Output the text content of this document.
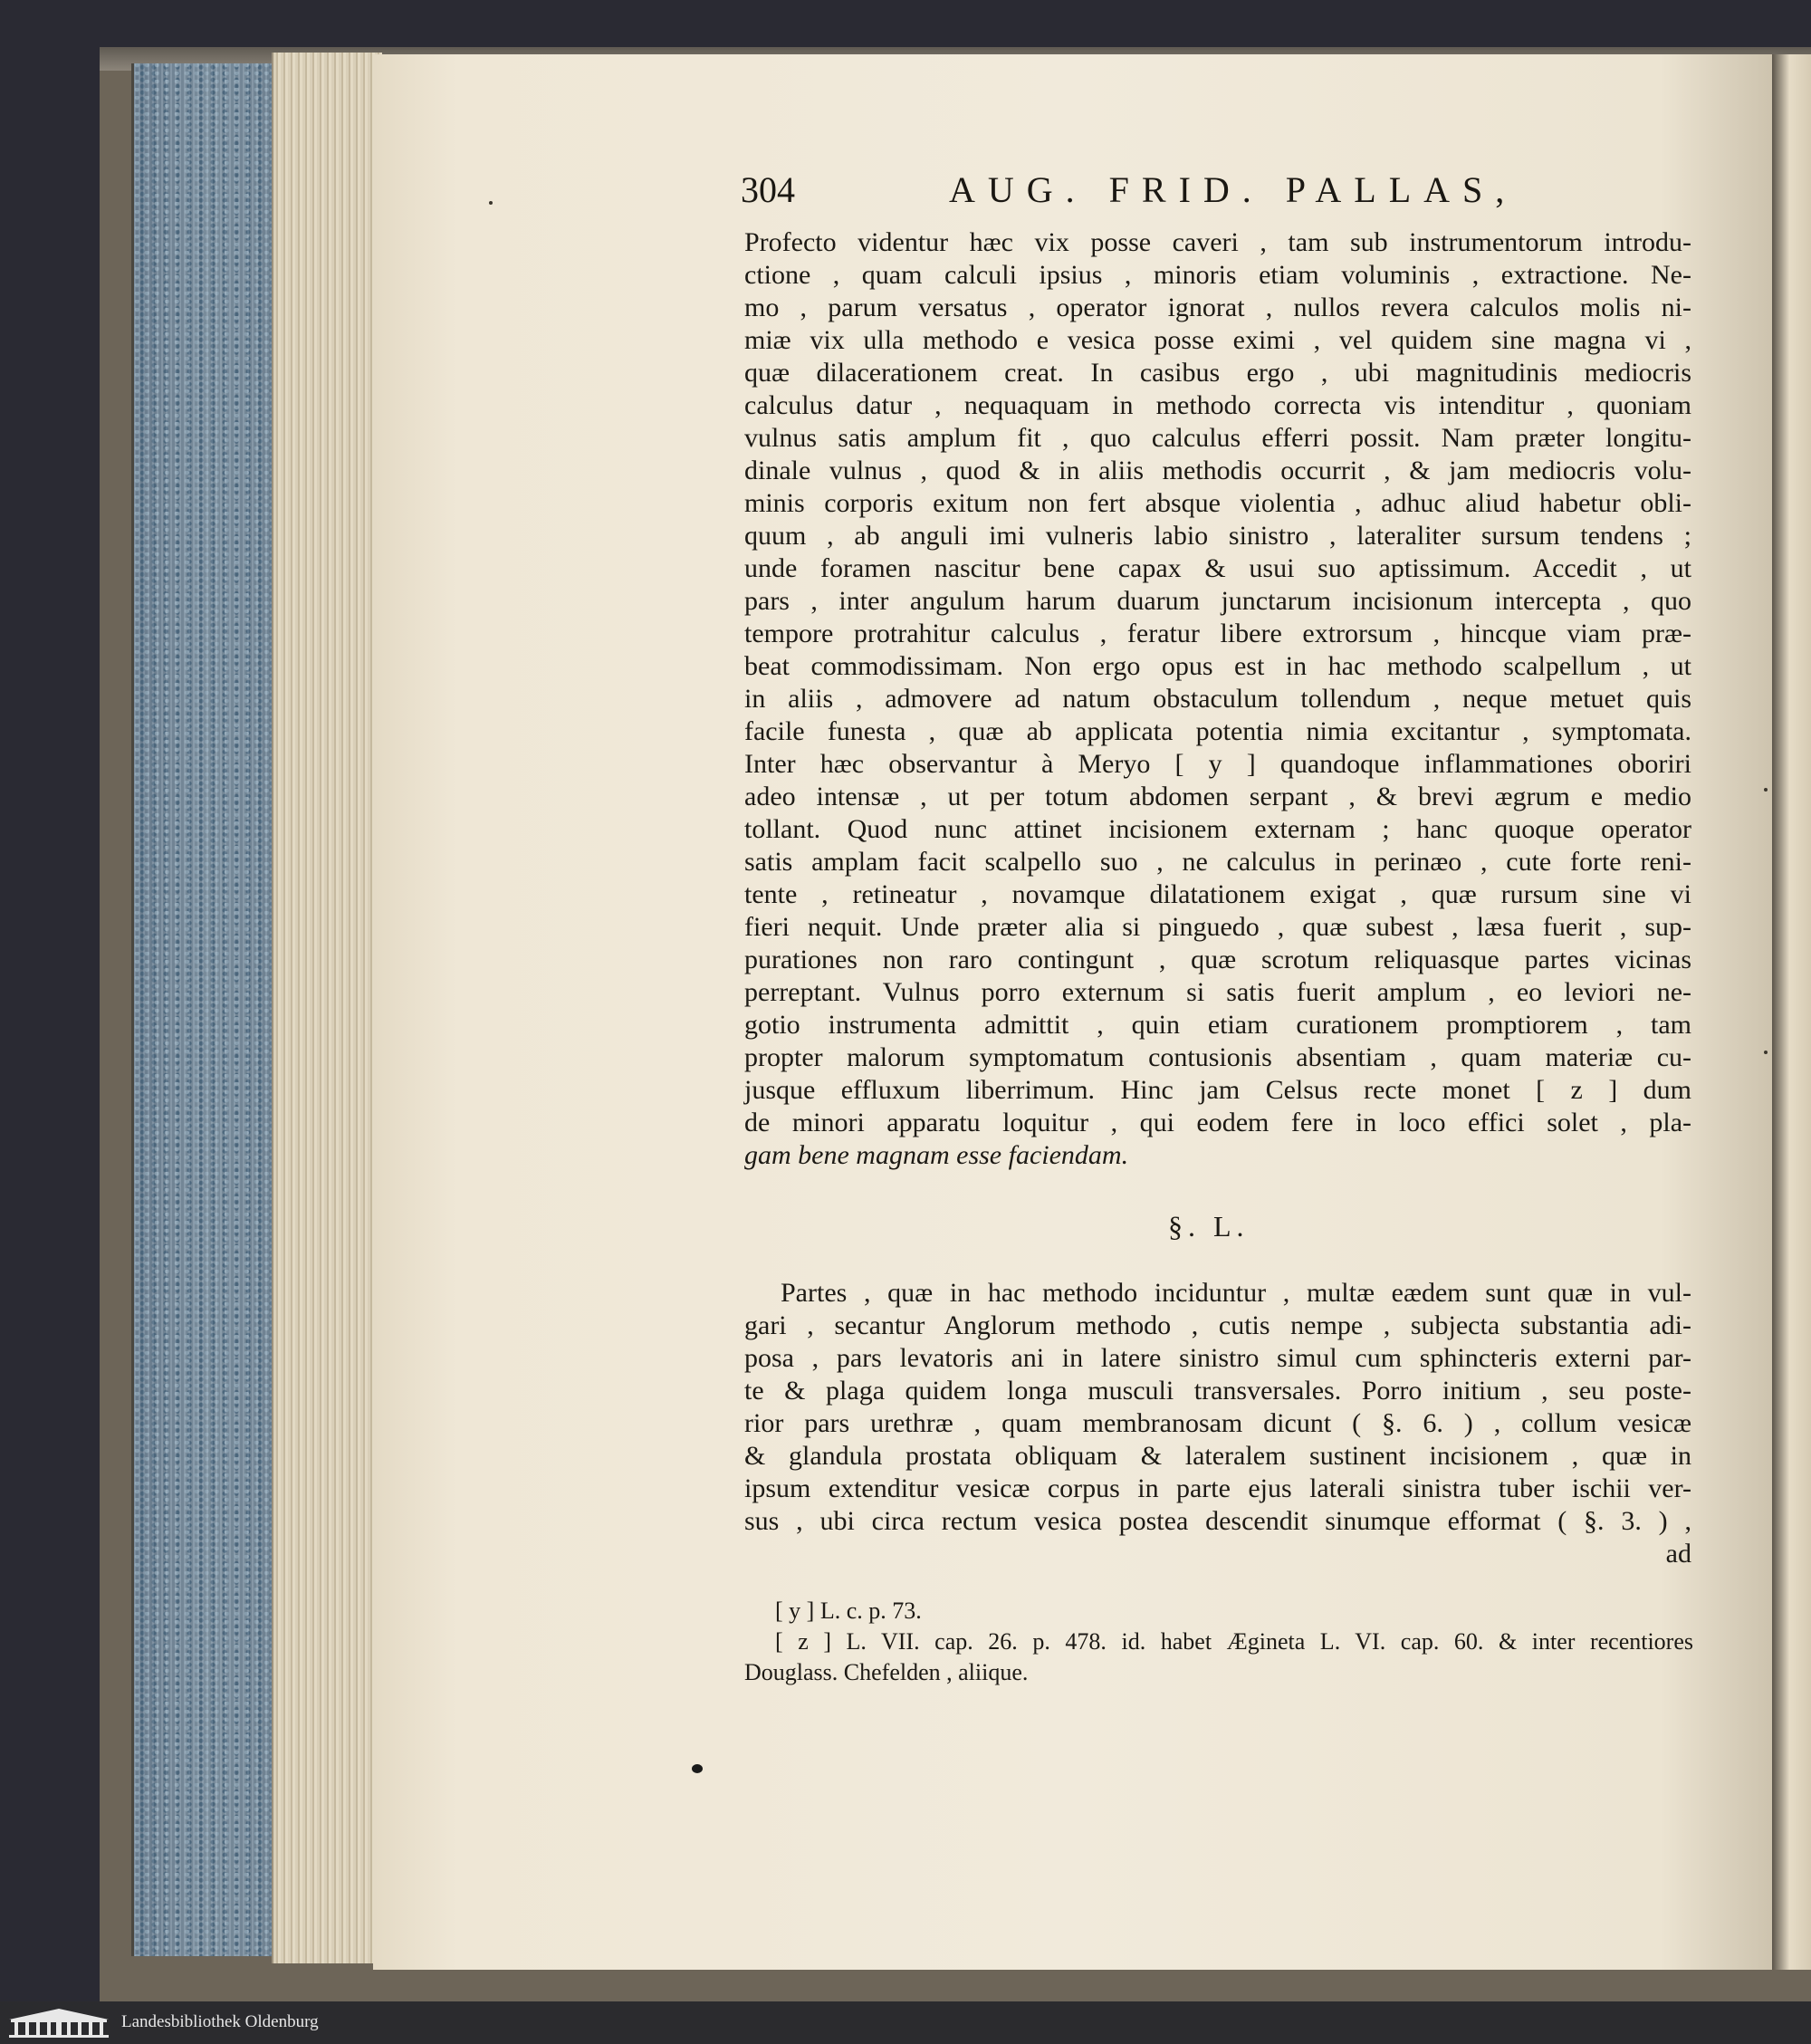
304	AUG. FRID. PALLAS,
Profecto videntur hæc vix posse caveri , tam sub instrumentorum introdu-
ctione , quam calculi ipsius , minoris etiam voluminis , extractione. Ne-
mo , parum versatus , operator ignorat , nullos revera calculos molis ni-
miæ vix ulla methodo e vesica posse eximi , vel quidem sine magna vi ,
quæ dilacerationem creat. In casibus ergo , ubi magnitudinis mediocris
calculus datur , nequaquam in methodo correcta vis intenditur , quoniam
vulnus satis amplum fit , quo calculus efferri possit. Nam præter longitu-
dinale vulnus , quod & in aliis methodis occurrit , & jam mediocris volu-
minis corporis exitum non fert absque violentia , adhuc aliud habetur obli-
quum , ab anguli imi vulneris labio sinistro , lateraliter sursum tendens ;
unde foramen nascitur bene capax & usui suo aptissimum. Accedit , ut
pars , inter angulum harum duarum junctarum incisionum intercepta , quo
tempore protrahitur calculus , feratur libere extrorsum , hincque viam præ-
beat commodissimam. Non ergo opus est in hac methodo scalpellum , ut
in aliis , admovere ad natum obstaculum tollendum , neque metuet quis
facile funesta , quæ ab applicata potentia nimia excitantur , symptomata.
Inter hæc observantur à Meryo [ y ] quandoque inflammationes oboriri
adeo intensæ , ut per totum abdomen serpant , & brevi ægrum e medio
tollant. Quod nunc attinet incisionem externam ; hanc quoque operator
satis amplam facit scalpello suo , ne calculus in perinæo , cute forte reni-
tente , retineatur , novamque dilatationem exigat , quæ rursum sine vi
fieri nequit. Unde præter alia si pinguedo , quæ subest , læsa fuerit , sup-
purationes non raro contingunt , quæ scrotum reliquasque partes vicinas
perreptant. Vulnus porro externum si satis fuerit amplum , eo leviori ne-
gotio instrumenta admittit , quin etiam curationem promptiorem , tam
propter malorum symptomatum contusionis absentiam , quam materiæ cu-
jusque effluxum liberrimum. Hinc jam Celsus recte monet [ z ] dum
de minori apparatu loquitur , qui eodem fere in loco effici solet , pla-
gam bene magnam esse faciendam.
§. L.
Partes , quæ in hac methodo inciduntur , multæ eædem sunt quæ in vul-
gari , secantur Anglorum methodo , cutis nempe , subjecta substantia adi-
posa , pars levatoris ani in latere sinistro simul cum sphincteris externi par-
te & plaga quidem longa musculi transversales. Porro initium , seu poste-
rior pars urethræ , quam membranosam dicunt ( §. 6. ) , collum vesicæ
& glandula prostata obliquam & lateralem sustinent incisionem , quæ in
ipsum extenditur vesicæ corpus in parte ejus laterali sinistra tuber ischii ver-
sus , ubi circa rectum vesica postea descendit sinumque efformat ( §. 3. ) ,
ad
[ y ] L. c. p. 73.
[ z ] L. VII. cap. 26. p. 478. id. habet Ægineta L. VI. cap. 60. & inter recentiores
Douglass. Chefelden , aliique.
Landesbibliothek Oldenburg
